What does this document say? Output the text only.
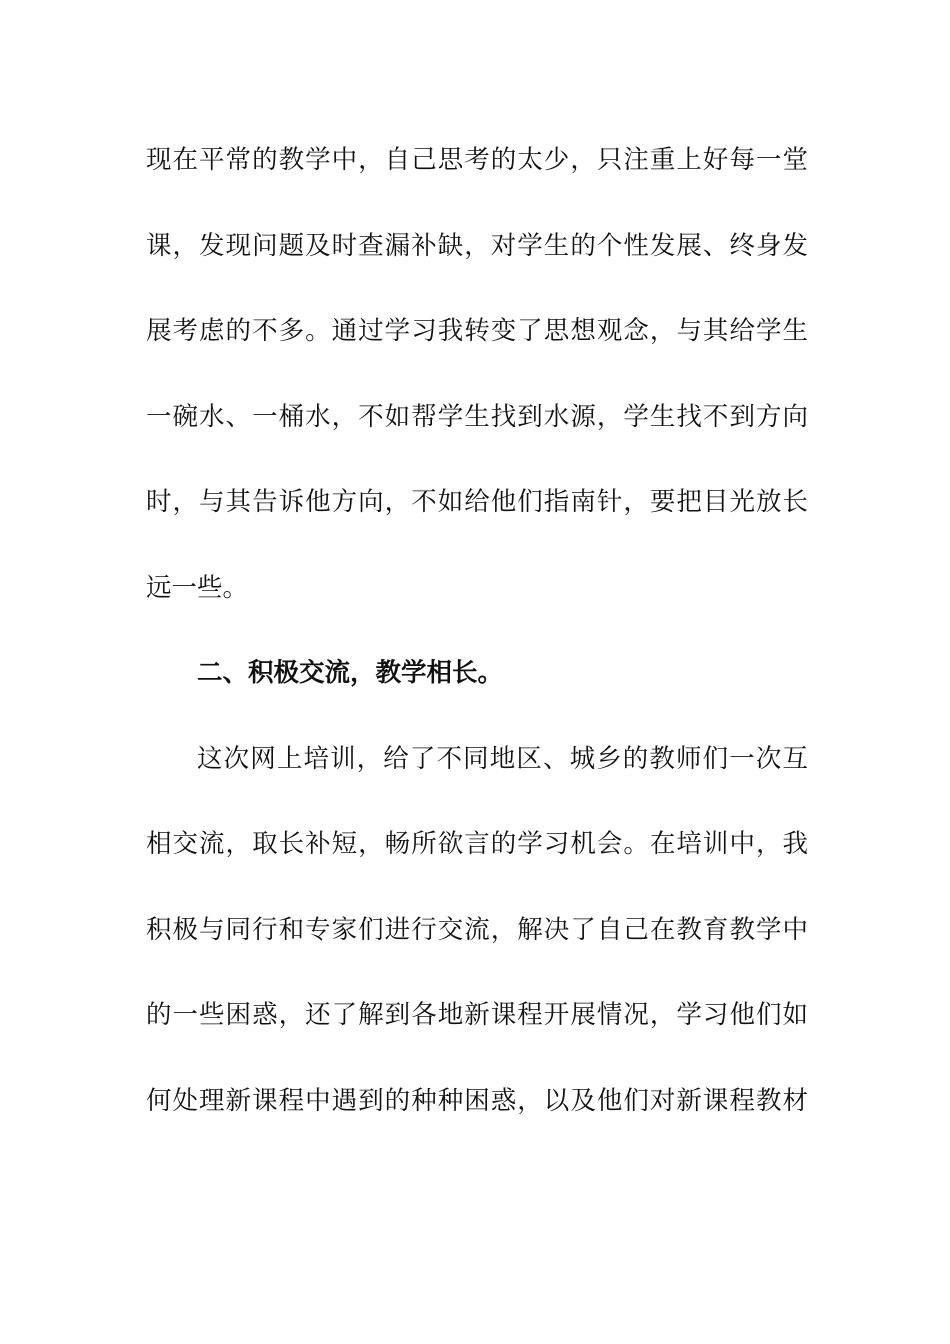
现在平常的教学中，自己思考的太少，只注重上好每一堂
课，发现问题及时查漏补缺，对学生的个性发展、终身发
展考虑的不多。通过学习我转变了思想观念，与其给学生
一碗水、一桶水，不如帮学生找到水源，学生找不到方向
时，与其告诉他方向，不如给他们指南针，要把目光放长
远一些。
二、积极交流，教学相长。
这次网上培训，给了不同地区、城乡的教师们一次互
相交流，取长补短，畅所欲言的学习机会。在培训中，我
积极与同行和专家们进行交流，解决了自己在教育教学中
的一些困惑，还了解到各地新课程开展情况，学习他们如
何处理新课程中遇到的种种困惑，以及他们对新课程教材
